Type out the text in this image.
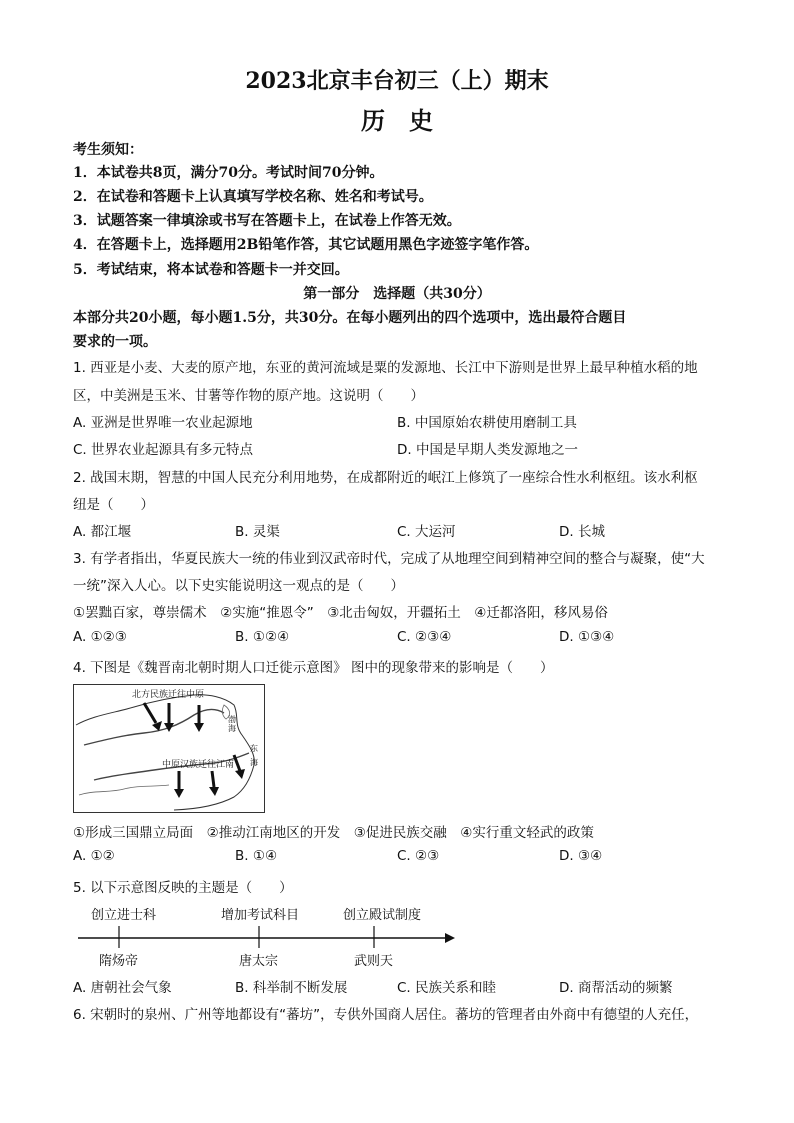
2023北京丰台初三（上）期末
历　史
考生须知：
1．本试卷共8页，满分70分。考试时间70分钟。
2．在试卷和答题卡上认真填写学校名称、姓名和考试号。
3．试题答案一律填涂或书写在答题卡上，在试卷上作答无效。
4．在答题卡上，选择题用2B铅笔作答，其它试题用黑色字迹签字笔作答。
5．考试结束，将本试卷和答题卡一并交回。
第一部分　选择题（共30分）
本部分共20小题，每小题1.5分，共30分。在每小题列出的四个选项中，选出最符合题目
要求的一项。
1. 西亚是小麦、大麦的原产地，东亚的黄河流域是粟的发源地、长江中下游则是世界上最早种植水稻的地
区，中美洲是玉米、甘薯等作物的原产地。这说明（　　）
A. 亚洲是世界唯一农业起源地	B. 中国原始农耕使用磨制工具
C. 世界农业起源具有多元特点	D. 中国是早期人类发源地之一
2. 战国末期，智慧的中国人民充分利用地势，在成都附近的岷江上修筑了一座综合性水利枢纽。该水利枢
纽是（　　）
A. 都江堰	B. 灵渠	C. 大运河	D. 长城
3. 有学者指出，华夏民族大一统的伟业到汉武帝时代，完成了从地理空间到精神空间的整合与凝聚，使“大
一统”深入人心。以下史实能说明这一观点的是（　　）
①罢黜百家，尊崇儒术　②实施“推恩令”　③北击匈奴，开疆拓土　④迁都洛阳，移风易俗
A. ①②③	B. ①②④	C. ②③④	D. ①③④
4. 下图是《魏晋南北朝时期人口迁徙示意图》 图中的现象带来的影响是（　　）
北方民族迁往中原
中原汉族迁往江南
渤海
东
海
①形成三国鼎立局面　②推动江南地区的开发　③促进民族交融　④实行重文轻武的政策
A. ①②	B. ①④	C. ②③	D. ③④
5. 以下示意图反映的主题是（　　）
创立进士科	增加考试科目	创立殿试制度
隋炀帝	唐太宗	武则天
A. 唐朝社会气象	B. 科举制不断发展	C. 民族关系和睦	D. 商帮活动的频繁
6. 宋朝时的泉州、广州等地都设有“蕃坊”，专供外国商人居住。蕃坊的管理者由外商中有德望的人充任，
